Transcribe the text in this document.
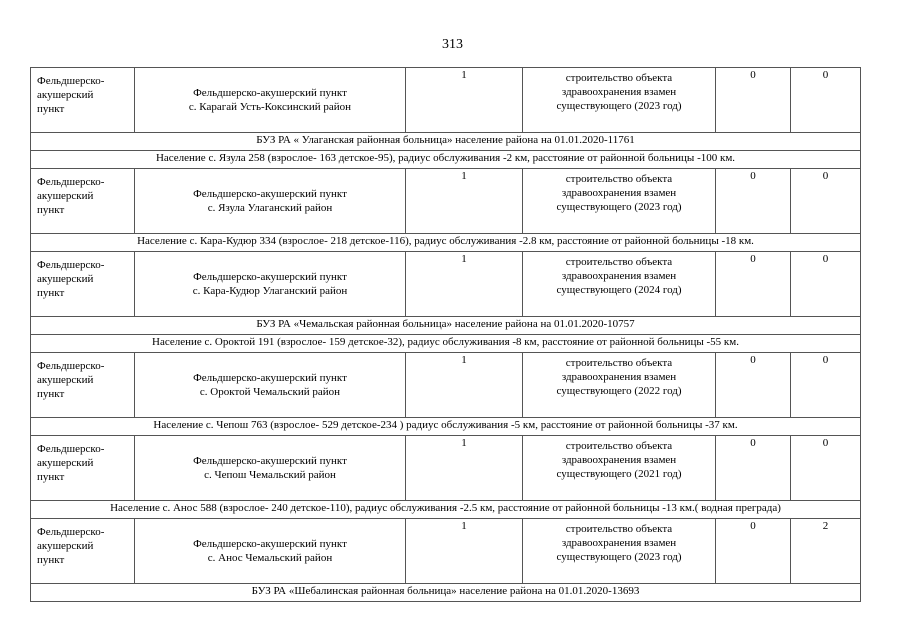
313
Фельдшерско-
акушерский
пункт	Фельдшерско-акушерский пункт
с. Карагай Усть-Коксинский район	1	строительство объекта
здравоохранения взамен
существующего (2023 год)	0	0

БУЗ РА « Улаганская районная больница» население района на 01.01.2020-11761					

Население с. Язула 258 (взрослое- 163 детское-95), радиус обслуживания -2 км, расстояние от районной больницы -100 км.					

Фельдшерско-
акушерский
пункт	Фельдшерско-акушерский пункт
с. Язула Улаганский район	1	строительство объекта
здравоохранения взамен
существующего (2023 год)	0	0

Население с. Кара-Кудюр 334 (взрослое- 218 детское-116), радиус обслуживания -2.8 км, расстояние от районной больницы -18 км.					

Фельдшерско-
акушерский
пункт	Фельдшерско-акушерский пункт
с. Кара-Кудюр Улаганский район	1	строительство объекта
здравоохранения взамен
существующего (2024 год)	0	0

БУЗ РА «Чемальская районная больница» население района на 01.01.2020-10757					

Население с. Ороктой 191 (взрослое- 159 детское-32), радиус обслуживания -8 км, расстояние от районной больницы -55 км.					

Фельдшерско-
акушерский
пункт	Фельдшерско-акушерский пункт
с. Ороктой Чемальский район	1	строительство объекта
здравоохранения взамен
существующего (2022 год)	0	0

Население с. Чепош 763 (взрослое- 529 детское-234 ) радиус обслуживания -5 км, расстояние от районной больницы -37 км.					

Фельдшерско-
акушерский
пункт	Фельдшерско-акушерский пункт
с. Чепош Чемальский район	1	строительство объекта
здравоохранения взамен
существующего (2021 год)	0	0

Население с. Анос 588 (взрослое- 240 детское-110), радиус обслуживания -2.5 км, расстояние от районной больницы -13 км.( водная преграда)					

Фельдшерско-
акушерский
пункт	Фельдшерско-акушерский пункт
с. Анос Чемальский район	1	строительство объекта
здравоохранения взамен
существующего (2023 год)	0	2

БУЗ РА «Шебалинская районная больница» население района на 01.01.2020-13693					
